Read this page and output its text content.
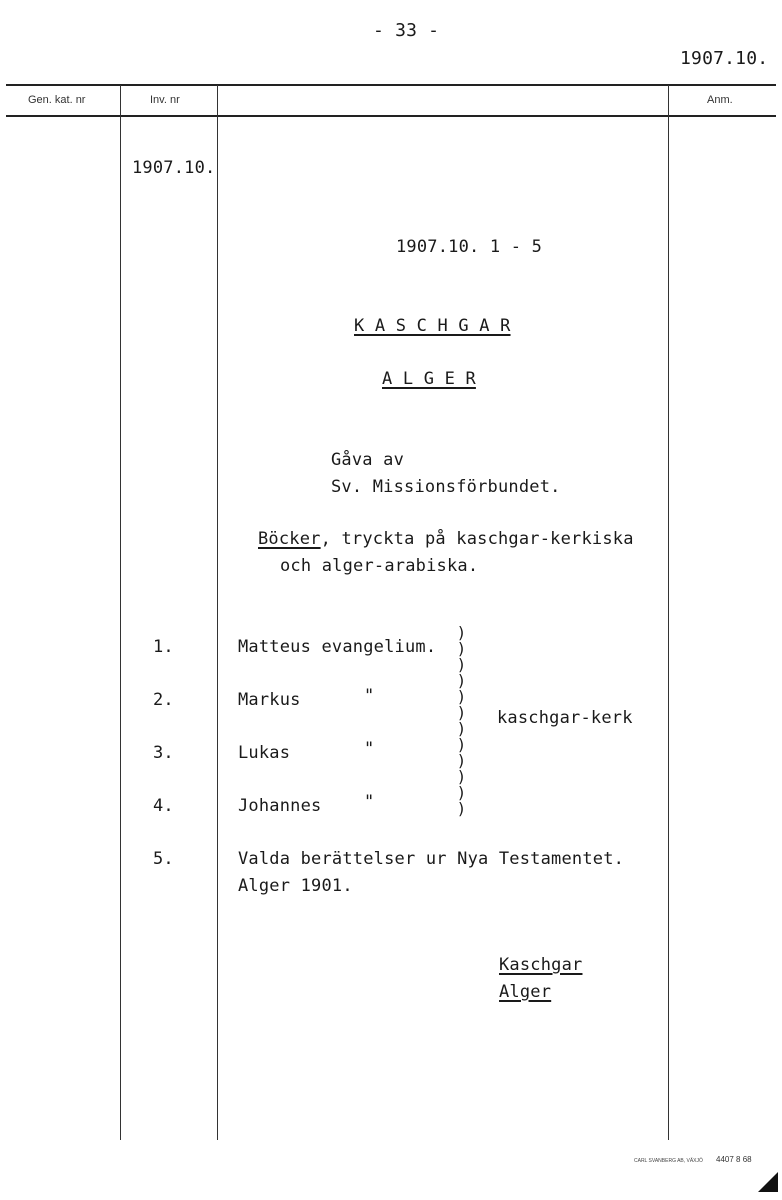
- 33 -
1907.10.
Gen. kat. nr	Inv. nr	Anm.
1907.10.
1907.10. 1 - 5
K A S C H G A R
A L G E R
Gåva av
Sv. Missionsförbundet.
Böcker, tryckta på kaschgar-kerkiska
och alger-arabiska.
1.	Matteus evangelium.
2.	Markus	"
3.	Lukas	"
4.	Johannes	"
)
)
)
)
)
)
)
)
)
)
)
)
kaschgar-kerk
5.	Valda berättelser ur Nya Testamentet.
Alger 1901.
Kaschgar
Alger
CARL SVANBERG AB, VÄXJÖ 4407 8 68
